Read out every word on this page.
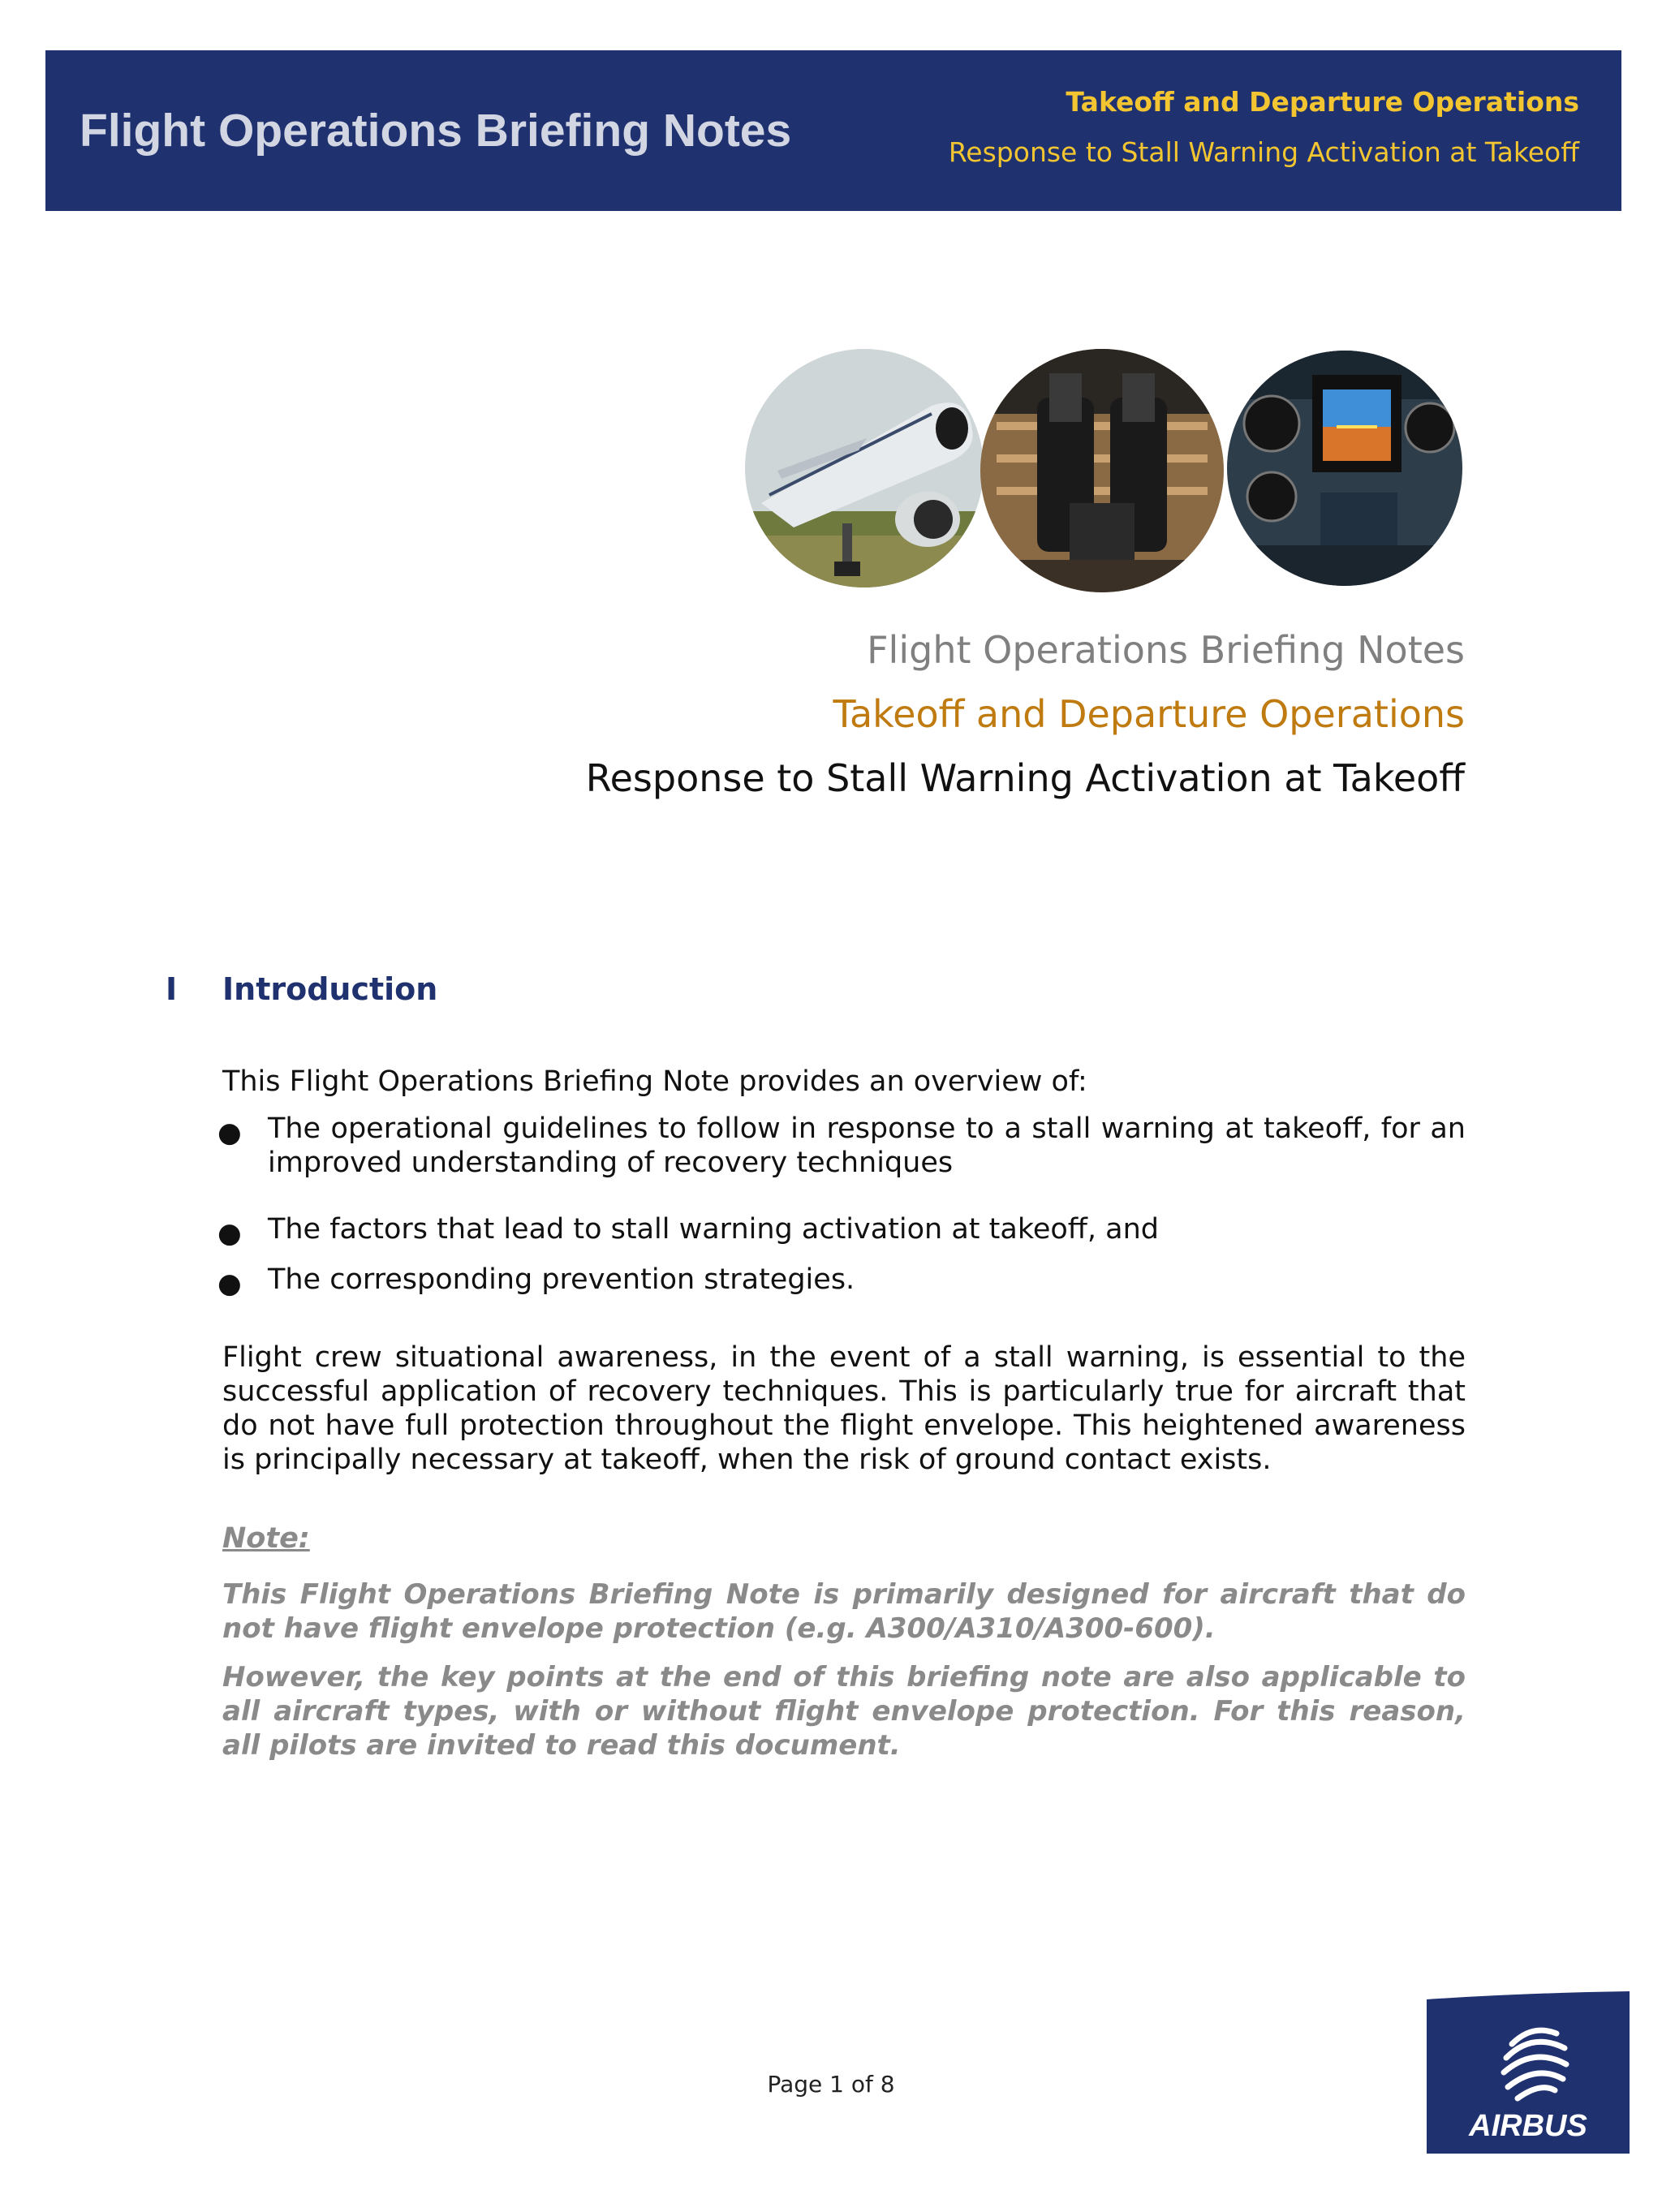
Flight Operations Briefing Notes
Takeoff and Departure Operations
Response to Stall Warning Activation at Takeoff
Flight Operations Briefing Notes
Takeoff and Departure Operations
Response to Stall Warning Activation at Takeoff
I Introduction
This Flight Operations Briefing Note provides an overview of:
● The operational guidelines to follow in response to a stall warning at takeoff, for an improved understanding of recovery techniques
● The factors that lead to stall warning activation at takeoff, and
● The corresponding prevention strategies.
Flight crew situational awareness, in the event of a stall warning, is essential to the successful application of recovery techniques. This is particularly true for aircraft that do not have full protection throughout the flight envelope. This heightened awareness is principally necessary at takeoff, when the risk of ground contact exists.
Note:
This Flight Operations Briefing Note is primarily designed for aircraft that do not have flight envelope protection (e.g. A300/A310/A300-600).
However, the key points at the end of this briefing note are also applicable to all aircraft types, with or without flight envelope protection. For this reason, all pilots are invited to read this document.
Page 1 of 8
AIRBUS
